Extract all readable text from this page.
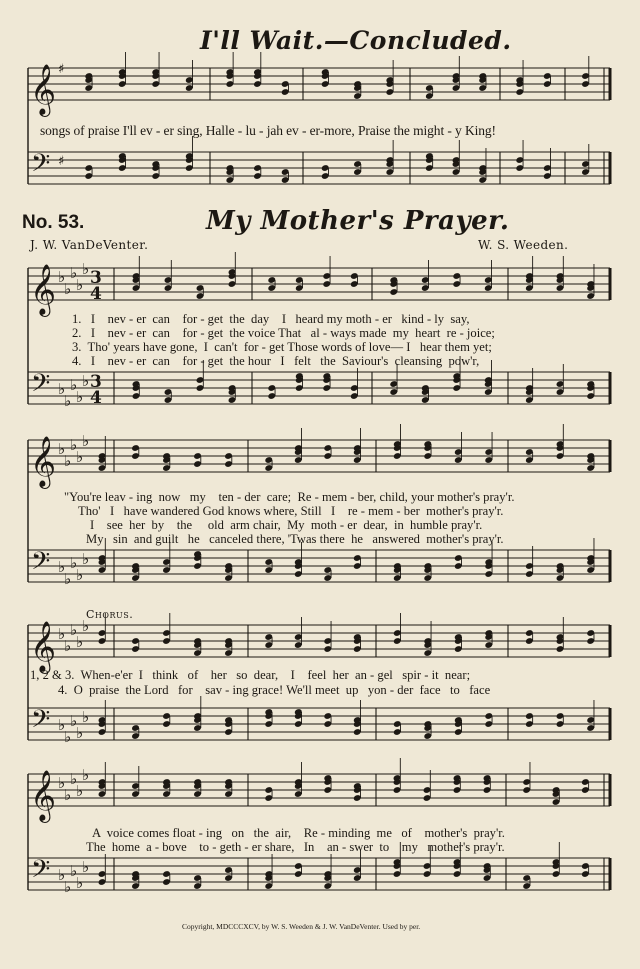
I'll Wait.—Concluded.
songs of praise I'll ev - er sing, Halle - lu - jah ev - er-more, Praise the might - y King!
No. 53.	My Mother's Prayer.
J. W. VanDeVenter.	W. S. Weeden.
1.   I    nev - er  can    for - get  the  day    I   heard my moth - er   kind - ly  say,
2.   I    nev - er  can    for - get  the voice That   al - ways made  my  heart  re - joice;
3.  Tho' years have gone,  I  can't  for - get Those words of love— I   hear them yet;
4.   I    nev - er  can    for - get  the hour   I   felt   the  Saviour's  cleansing  pow'r,
"You're leav - ing  now   my    ten - der  care;  Re - mem - ber, child, your mother's pray'r.
Tho'   I   have wandered God knows where, Still   I    re - mem - ber  mother's pray'r.
I    see  her  by    the     old  arm chair,  My  moth - er  dear,  in  humble pray'r.
My   sin  and guilt   he   canceled there, 'Twas there  he   answered  mother's pray'r.
Chorus.
1, 2 & 3.  When-e'er  I   think   of    her   so  dear,    I    feel  her  an - gel   spir - it  near;
4.  O  praise  the Lord   for    sav - ing grace! We'll meet  up   yon - der  face   to   face
A  voice comes float - ing   on   the  air,    Re - minding  me   of    mother's  pray'r.
The  home  a - bove    to - geth - er share,   In    an - swer  to    my   mother's pray'r.
Copyright, MDCCCXCV, by W. S. Weeden & J. W. VanDeVenter. Used by per.
𝄞
𝄢
♯
♯
𝄞
𝄢
♭
♭
♭
♭
♭
♭
♭
♭
♭
♭
3
4
3
4
𝄞
𝄢
♭
♭
♭
♭
♭
♭
♭
♭
♭
♭
𝄞
𝄢
♭
♭
♭
♭
♭
♭
♭
♭
♭
♭
𝄞
𝄢
♭
♭
♭
♭
♭
♭
♭
♭
♭
♭
